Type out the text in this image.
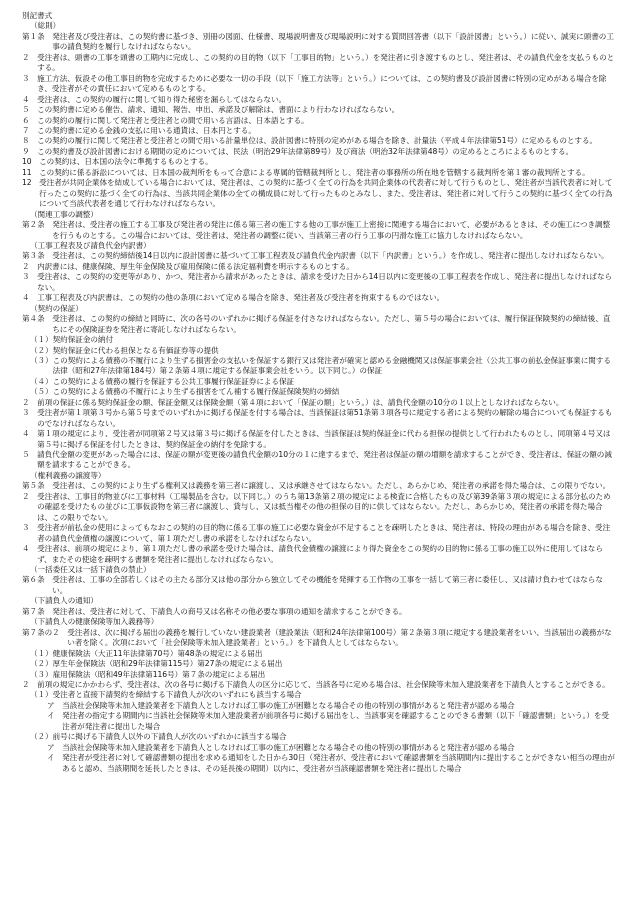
別記書式
（総則）
第１条　 発注者及び受注者は、この契約書に基づき、別冊の図面、仕様書、現場説明書及び現場説明に対する質問回答書（以下「設計図書」という。）に従い、誠実に頭書の工事の請負契約を履行しなければならない。
２　 受注者は、頭書の工事を頭書の工期内に完成し、この契約の目的物（以下「工事目的物」という。）を発注者に引き渡すものとし、発注者は、その請負代金を支払うものとする。
３　 施工方法、仮設その他工事目的物を完成するために必要な一切の手段（以下「施工方法等」という。）については、この契約書及び設計図書に特別の定めがある場合を除き、受注者がその責任において定めるものとする。
４　 受注者は、この契約の履行に関して知り得た秘密を漏らしてはならない。
５　 この契約書に定める催告、請求、通知、報告、申出、承諾及び解除は、書面により行わなければならない。
６　 この契約の履行に関して発注者と受注者との間で用いる言語は、日本語とする。
７　 この契約書に定める金銭の支払に用いる通貨は、日本円とする。
８　 この契約の履行に関して発注者と受注者との間で用いる計量単位は、設計図書に特別の定めがある場合を除き、計量法（平成４年法律第51号）に定めるものとする。
９　 この契約書及び設計図書における期間の定めについては、民法（明治29年法律第89号）及び商法（明治32年法律第48号）の定めるところによるものとする。
10　 この契約は、日本国の法令に準拠するものとする。
11　 この契約に係る訴訟については、日本国の裁判所をもって合意による専属的管轄裁判所とし、発注者の事務所の所在地を管轄する裁判所を第１審の裁判所とする。
12　 受注者が共同企業体を結成している場合においては、発注者は、この契約に基づく全ての行為を共同企業体の代表者に対して行うものとし、発注者が当該代表者に対して行ったこの契約に基づく全ての行為は、当該共同企業体の全ての構成員に対して行ったものとみなし、また、受注者は、発注者に対して行うこの契約に基づく全ての行為について当該代表者を通じて行わなければならない。
（関連工事の調整）
第２条　 発注者は、受注者の施工する工事及び発注者の発注に係る第三者の施工する他の工事が施工上密接に関連する場合において、必要があるときは、その施工につき調整を行うものとする。この場合においては、受注者は、発注者の調整に従い、当該第三者の行う工事の円滑な施工に協力しなければならない。
（工事工程表及び請負代金内訳書）
第３条　 受注者は、この契約締結後14日以内に設計図書に基づいて工事工程表及び請負代金内訳書（以下「内訳書」という。）を作成し、発注者に提出しなければならない。
２　 内訳書には、健康保険、厚生年金保険及び雇用保険に係る法定福利費を明示するものとする。
３　 受注者は、この契約の変更等があり、かつ、発注者から請求があったときは、請求を受けた日から14日以内に変更後の工事工程表を作成し、発注者に提出しなければならない。
４　 工事工程表及び内訳書は、この契約の他の条項において定める場合を除き、発注者及び受注者を拘束するものではない。
（契約の保証）
第４条　 受注者は、この契約の締結と同時に、次の各号のいずれかに掲げる保証を付さなければならない。ただし、第５号の場合においては、履行保証保険契約の締結後、直ちにその保険証券を発注者に寄託しなければならない。
（１） 契約保証金の納付
（２） 契約保証金に代わる担保となる有価証券等の提供
（３） この契約による債務の不履行により生ずる損害金の支払いを保証する銀行又は発注者が確実と認める金融機関又は保証事業会社（公共工事の前払金保証事業に関する法律（昭和27年法律第184号）第２条第４項に規定する保証事業会社をいう。以下同じ。）の保証
（４） この契約による債務の履行を保証する公共工事履行保証証券による保証
（５） この契約による債務の不履行により生ずる損害をてん補する履行保証保険契約の締結
２　 前項の保証に係る契約保証金の額、保証金額又は保険金額（第４項において「保証の額」という。）は、請負代金額の10分の１以上としなければならない。
３　 受注者が第１項第３号から第５号までのいずれかに掲げる保証を付する場合は、当該保証は第51条第３項各号に規定する者による契約の解除の場合についても保証するものでなければならない。
４　 第１項の規定により、受注者が同項第２号又は第３号に掲げる保証を付したときは、当該保証は契約保証金に代わる担保の提供として行われたものとし、同項第４号又は第５号に掲げる保証を付したときは、契約保証金の納付を免除する。
５　 請負代金額の変更があった場合には、保証の額が変更後の請負代金額の10分の１に達するまで、発注者は保証の額の増額を請求することができ、受注者は、保証の額の減額を請求することができる。
（権利義務の譲渡等）
第５条　 受注者は、この契約により生ずる権利又は義務を第三者に譲渡し、又は承継させてはならない。ただし、あらかじめ、発注者の承諾を得た場合は、この限りでない。
２　 受注者は、工事目的物並びに工事材料（工場製品を含む。以下同じ。）のうち第13条第２項の規定による検査に合格したもの及び第39条第３項の規定による部分払のための確認を受けたもの並びに工事仮設物を第三者に譲渡し、貸与し、又は抵当権その他の担保の目的に供してはならない。ただし、あらかじめ、発注者の承諾を得た場合は、この限りでない。
３　 受注者が前払金の使用によってもなおこの契約の目的物に係る工事の施工に必要な資金が不足することを疎明したときは、発注者は、特段の理由がある場合を除き、受注者の請負代金債権の譲渡について、第１項ただし書の承諾をしなければならない。
４　 受注者は、前項の規定により、第１項ただし書の承諾を受けた場合は、請負代金債権の譲渡により得た資金をこの契約の目的物に係る工事の施工以外に使用してはならず、またその使途を疎明する書類を発注者に提出しなければならない。
（一括委任又は一括下請負の禁止）
第６条　 受注者は、工事の全部若しくはその主たる部分又は他の部分から独立してその機能を発揮する工作物の工事を一括して第三者に委任し、又は請け負わせてはならない。
（下請負人の通知）
第７条　 発注者は、受注者に対して、下請負人の商号又は名称その他必要な事項の通知を請求することができる。
（下請負人の健康保険等加入義務等）
第７条の２　 受注者は、次に掲げる届出の義務を履行していない建設業者（建設業法（昭和24年法律第100号）第２条第３項に規定する建設業者をいい、当該届出の義務がない者を除く。次項において「社会保険等未加入建設業者」という。）を下請負人としてはならない。
（１） 健康保険法（大正11年法律第70号）第48条の規定による届出
（２） 厚生年金保険法（昭和29年法律第115号）第27条の規定による届出
（３） 雇用保険法（昭和49年法律第116号）第７条の規定による届出
２　 前項の規定にかかわらず、受注者は、次の各号に掲げる下請負人の区分に応じて、当該各号に定める場合は、社会保険等未加入建設業者を下請負人とすることができる。
（１） 受注者と直接下請契約を締結する下請負人が次のいずれにも該当する場合
ア　 当該社会保険等未加入建設業者を下請負人としなければ工事の施工が困難となる場合その他の特別の事情があると発注者が認める場合
イ　 発注者の指定する期間内に当該社会保険等未加入建設業者が前項各号に掲げる届出をし、当該事実を確認することのできる書類（以下「確認書類」という。）を受注者が発注者に提出した場合
（２） 前号に掲げる下請負人以外の下請負人が次のいずれかに該当する場合
ア　 当該社会保険等未加入建設業者を下請負人としなければ工事の施工が困難となる場合その他の特別の事情があると発注者が認める場合
イ　 発注者が受注者に対して確認書類の提出を求める通知をした日から30日（発注者が、受注者において確認書類を当該期間内に提出することができない相当の理由があると認め、当該期間を延長したときは、その延長後の期間）以内に、受注者が当該確認書類を発注者に提出した場合
